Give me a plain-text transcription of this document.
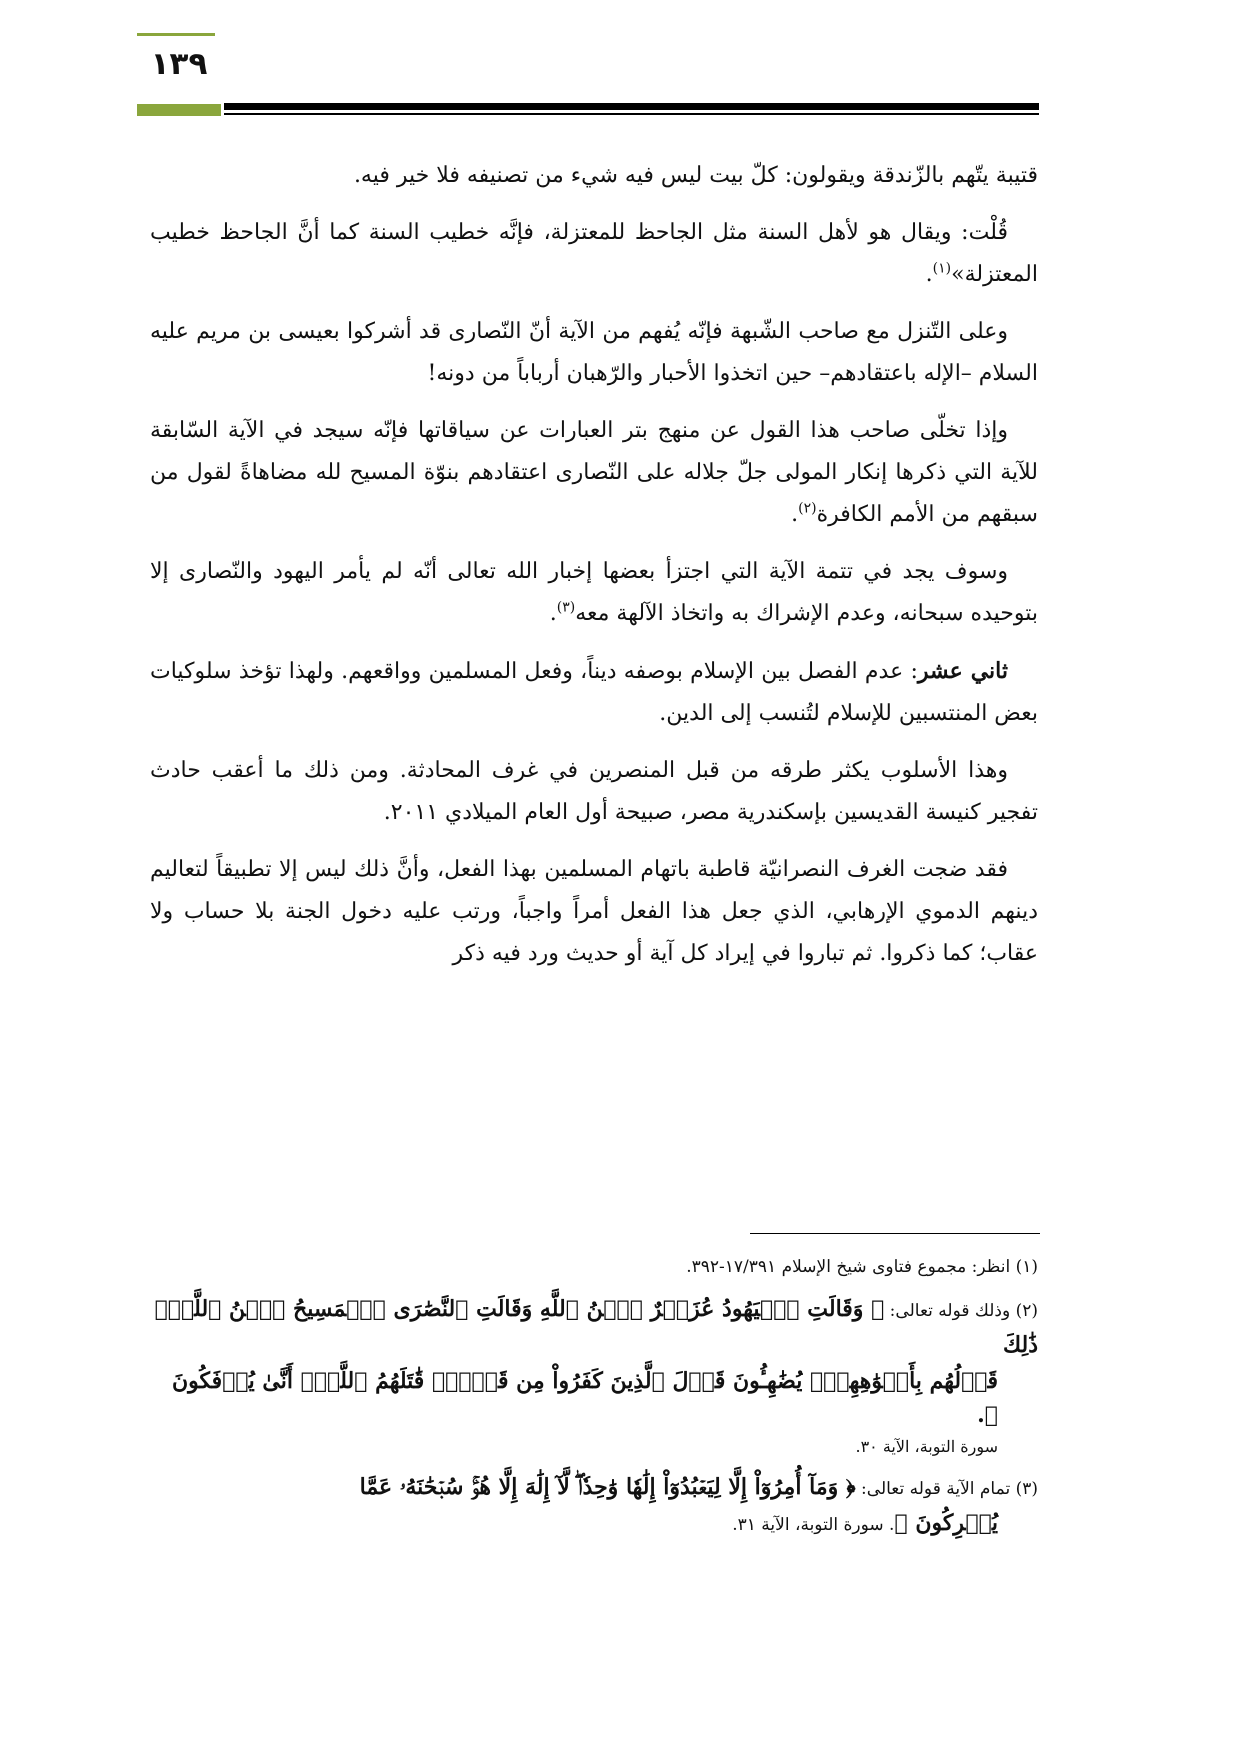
١٣٩

قتيبة يتّهم بالزّندقة ويقولون: كلّ بيت ليس فيه شيء من تصنيفه فلا خير فيه.

قُلْت: ويقال هو لأهل السنة مثل الجاحظ للمعتزلة، فإنَّه خطيب السنة كما أنَّ الجاحظ خطيب المعتزلة»$^{(١)}$.

وعلى التّنزل مع صاحب الشّبهة فإنّه يُفهم من الآية أنّ النّصارى قد أشركوا بعيسى بن مريم عليه السلام –الإله باعتقادهم– حين اتخذوا الأحبار والرّهبان أرباباً من دونه!

وإذا تخلّى صاحب هذا القول عن منهج بتر العبارات عن سياقاتها فإنّه سيجد في الآية السّابقة للآية التي ذكرها إنكار المولى جلّ جلاله على النّصارى اعتقادهم بنوّة المسيح لله مضاهاةً لقول من سبقهم من الأمم الكافرة$^{(٢)}$.

وسوف يجد في تتمة الآية التي اجتزأ بعضها إخبار الله تعالى أنّه لم يأمر اليهود والنّصارى إلا بتوحيده سبحانه، وعدم الإشراك به واتخاذ الآلهة معه$^{(٣)}$.

ثاني عشر: عدم الفصل بين الإسلام بوصفه ديناً، وفعل المسلمين وواقعهم. ولهذا تؤخذ سلوكيات بعض المنتسبين للإسلام لتُنسب إلى الدين.

وهذا الأسلوب يكثر طرقه من قبل المنصرين في غرف المحادثة. ومن ذلك ما أعقب حادث تفجير كنيسة القديسين بإسكندرية مصر، صبيحة أول العام الميلادي ٢٠١١.

فقد ضجت الغرف النصرانيّة قاطبة باتهام المسلمين بهذا الفعل، وأنَّ ذلك ليس إلا تطبيقاً لتعاليم دينهم الدموي الإرهابي، الذي جعل هذا الفعل أمراً واجباً، ورتب عليه دخول الجنة بلا حساب ولا عقاب؛ كما ذكروا. ثم تباروا في إيراد كل آية أو حديث ورد فيه ذكر

(١) انظر: مجموع فتاوى شيخ الإسلام ١٧/٣٩١-٣٩٢.
(٢) وذلك قوله تعالى: ﴿ وَقَالَتِ ٱلۡيَهُودُ عُزَيۡرٌ ٱبۡنُ ٱللَّهِ وَقَالَتِ ٱلنَّصَٰرَى ٱلۡمَسِيحُ ٱبۡنُ ٱللَّهِۖ ذَٰلِكَ
قَوۡلُهُم بِأَفۡوَٰهِهِمۡۖ يُضَٰهِـُٔونَ قَوۡلَ ٱلَّذِينَ كَفَرُواْ مِن قَبۡلُۚ قَٰتَلَهُمُ ٱللَّهُۚ أَنَّىٰ يُؤۡفَكُونَ ﴾.
سورة التوبة، الآية ٣٠.
(٣) تمام الآية قوله تعالى: ﴿ وَمَآ أُمِرُوٓاْ إِلَّا لِيَعۡبُدُوٓاْ إِلَٰهٗا وَٰحِدٗاۖ لَّآ إِلَٰهَ إِلَّا هُوَۚ سُبۡحَٰنَهُۥ عَمَّا
يُشۡرِكُونَ ﴾. سورة التوبة، الآية ٣١.
